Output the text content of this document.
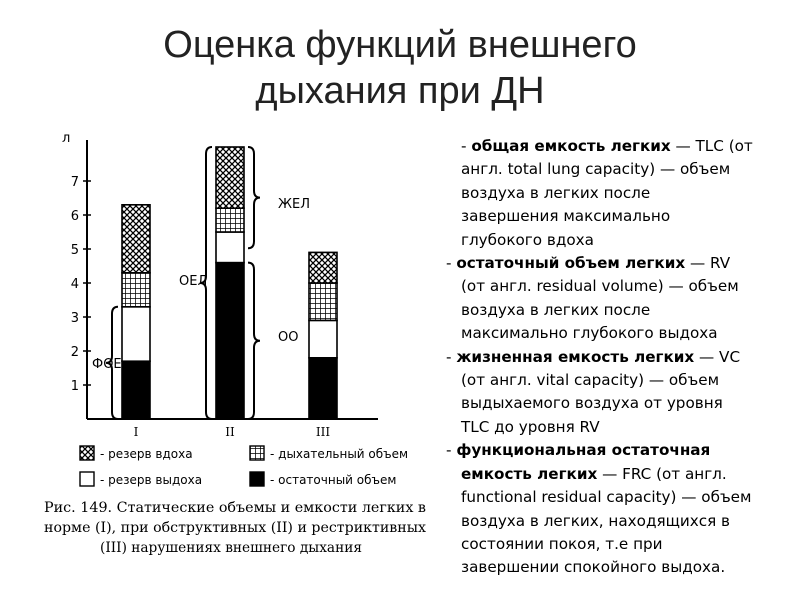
Оценка функций внешнего
дыхания при ДН
л
1
2
3
4
5
6
7
I	II	III
ЖЕЛ
ОО
ОЕЛ
ФОЕ
- резерв вдоха	- дыхательный объем
- резерв выдоха	- остаточный объем
Рис. 149. Статические объемы и емкости легких в
норме (I), при обструктивных (II) и рестриктивных
(III) нарушениях внешнего дыхания
- общая емкость легких — TLC (от
англ. total lung capacity) — объем
воздуха в легких после
завершения максимально
глубокого вдоха
- остаточный объем легких — RV
(от англ. residual volume) — объем
воздуха в легких после
максимально глубокого выдоха
- жизненная емкость легких — VC
(от англ. vital capacity) — объем
выдыхаемого воздуха от уровня
TLC до уровня RV
- функциональная остаточная
емкость легких — FRC (от англ.
functional residual capacity) — объем
воздуха в легких, находящихся в
состоянии покоя, т.е при
завершении спокойного выдоха.
